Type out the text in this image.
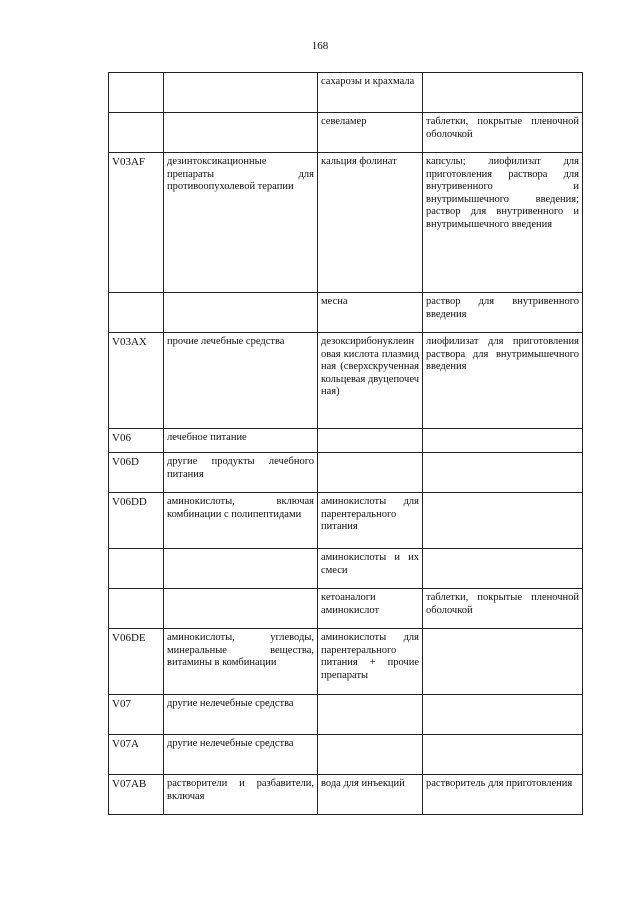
168
		сахарозы и крахмала	
		севеламер	таблетки, покрытые пленочной оболочкой
V03AF	дезинтоксикационные препараты для противоопухолевой терапии	кальция фолинат	капсулы; лиофилизат для приготовления раствора для внутривенного и внутримышечного введения; раствор для внутривенного и внутримышечного введения
		месна	раствор для внутривенного введения
V03AX	прочие лечебные средства	дезоксирибонуклеиновая кислота плазмидная (сверхскрученная кольцевая двуцепочечная)	лиофилизат для приготовления раствора для внутримышечного введения
V06	лечебное питание		
V06D	другие продукты лечебного питания		
V06DD	аминокислоты, включая комбинации с полипептидами	аминокислоты для парентерального питания	
		аминокислоты и их смеси	
		кетоаналоги аминокислот	таблетки, покрытые пленочной оболочкой
V06DE	аминокислоты, углеводы, минеральные вещества, витамины в комбинации	аминокислоты для парентерального питания + прочие препараты	
V07	другие нелечебные средства		
V07A	другие нелечебные средства		
V07AB	растворители и разбавители, включая	вода для инъекций	растворитель для приготовления
